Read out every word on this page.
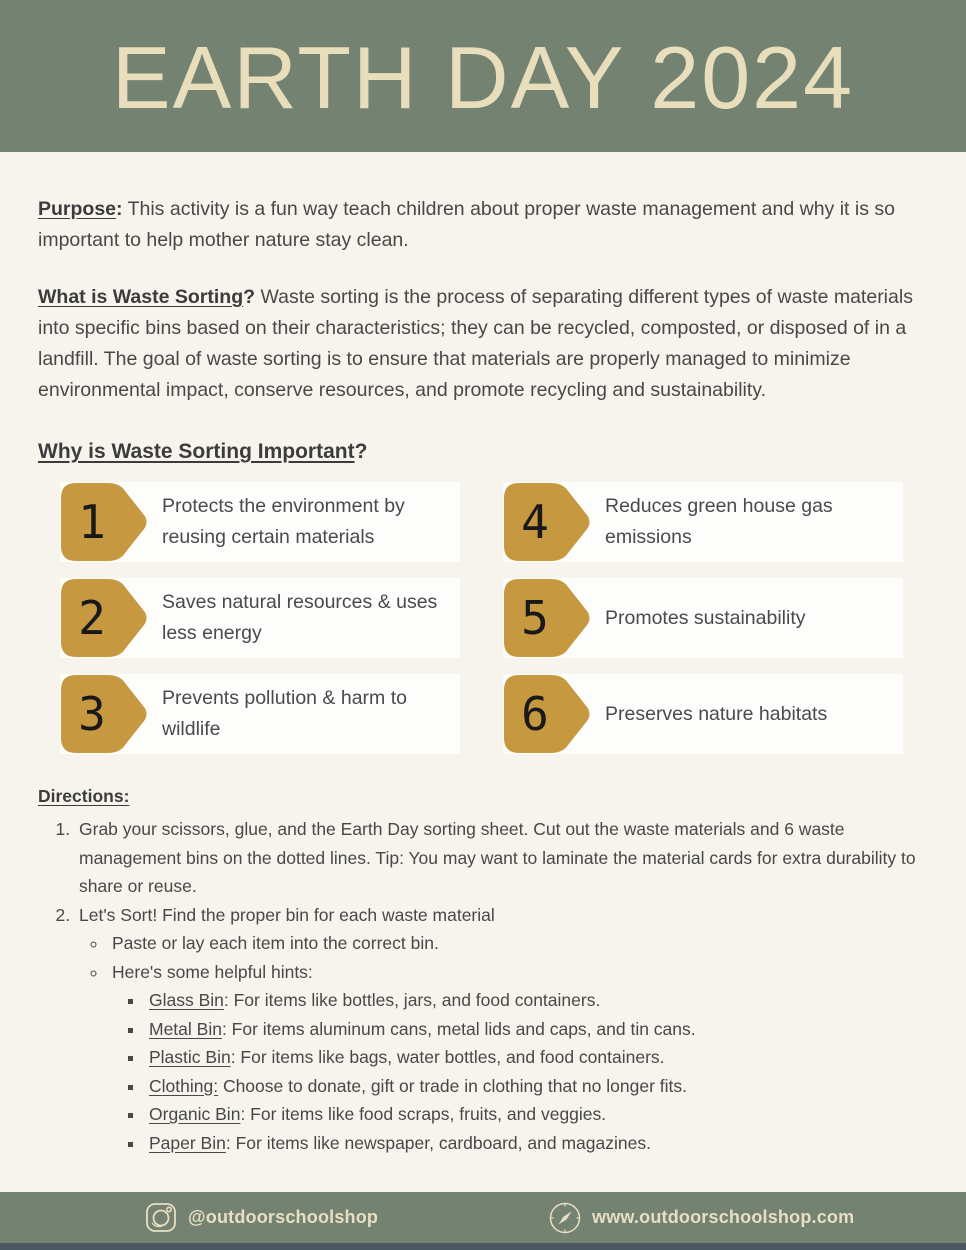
EARTH DAY 2024

Purpose: This activity is a fun way teach children about proper waste management and why it is so important to help mother nature stay clean.

What is Waste Sorting? Waste sorting is the process of separating different types of waste materials into specific bins based on their characteristics; they can be recycled, composted, or disposed of in a landfill. The goal of waste sorting is to ensure that materials are properly managed to minimize environmental impact, conserve resources, and promote recycling and sustainability.

Why is Waste Sorting Important?
1	Protects the environment by reusing certain materials
2	Saves natural resources & uses less energy
3	Prevents pollution & harm to wildlife
4	Reduces green house gas emissions
5	Promotes sustainability
6	Preserves nature habitats
Directions:
1. Grab your scissors, glue, and the Earth Day sorting sheet. Cut out the waste materials and 6 waste management bins on the dotted lines. Tip: You may want to laminate the material cards for extra durability to share or reuse.
2. Let's Sort! Find the proper bin for each waste material
◦ Paste or lay each item into the correct bin.
◦ Here's some helpful hints:
▪ Glass Bin: For items like bottles, jars, and food containers.
▪ Metal Bin: For items aluminum cans, metal lids and caps, and tin cans.
▪ Plastic Bin: For items like bags, water bottles, and food containers.
▪ Clothing: Choose to donate, gift or trade in clothing that no longer fits.
▪ Organic Bin: For items like food scraps, fruits, and veggies.
▪ Paper Bin: For items like newspaper, cardboard, and magazines.
@outdoorschoolshop	www.outdoorschoolshop.com
